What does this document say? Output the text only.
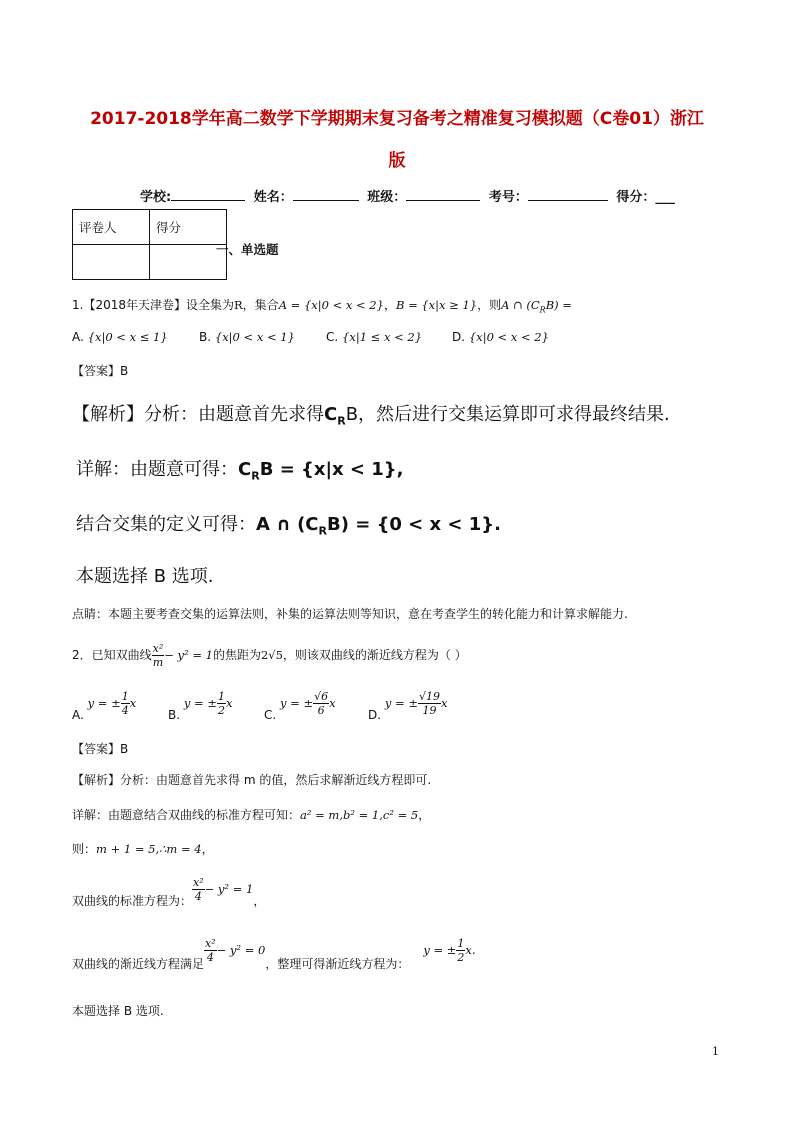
2017-2018学年高二数学下学期期末复习备考之精准复习模拟题（C卷01）浙江
版
学校:	姓名：	班级：	考号：	得分：___
评卷人	得分

一、单选题
1.【2018年天津卷】设全集为R，集合A = {x|0 < x < 2}，B = {x|x ≥ 1}，则A ∩ $(C_RB)$ =
A. {x|0 < x ≤ 1}	B. {x|0 < x < 1}	C. {x|1 ≤ x < 2} D. {x|0 < x < 2}
【答案】B
【解析】分析：由题意首先求得$C_RB$，然后进行交集运算即可求得最终结果.
详解：由题意可得：$C_RB = \{x|x < 1\}$,
结合交集的定义可得：A ∩ $(C_RB) = \{0 < x < 1\}$.
本题选择 B 选项.
点睛：本题主要考查交集的运算法则，补集的运算法则等知识，意在考查学生的转化能力和计算求解能力.
2．已知双曲线 $\frac{\text{x²}}{m} - y^2 = 1$的焦距为2√5，则该双曲线的渐近线方程为（ ）
A. y = ± $\frac{1}{4}$ x
B. y = ± $\frac{1}{2}$ x
C. y = ± $\frac{√6}{6}$ x
D. y = ± $\frac{√19}{19}$ x
【答案】B
【解析】分析：由题意首先求得 m 的值，然后求解渐近线方程即可.
详解：由题意结合双曲线的标准方程可知：a² = m,b² = 1,c² = 5，
则：m + 1 = 5,∴m = 4，
双曲线的标准方程为： $\frac{\text{x²}}{4} - y^2 = 1$，
双曲线的渐近线方程满足 $\frac{\text{x²}}{4} - y^2 = 0$，整理可得渐近线方程为：y = ± $\frac{1}{2} x$.
本题选择 B 选项.
1
